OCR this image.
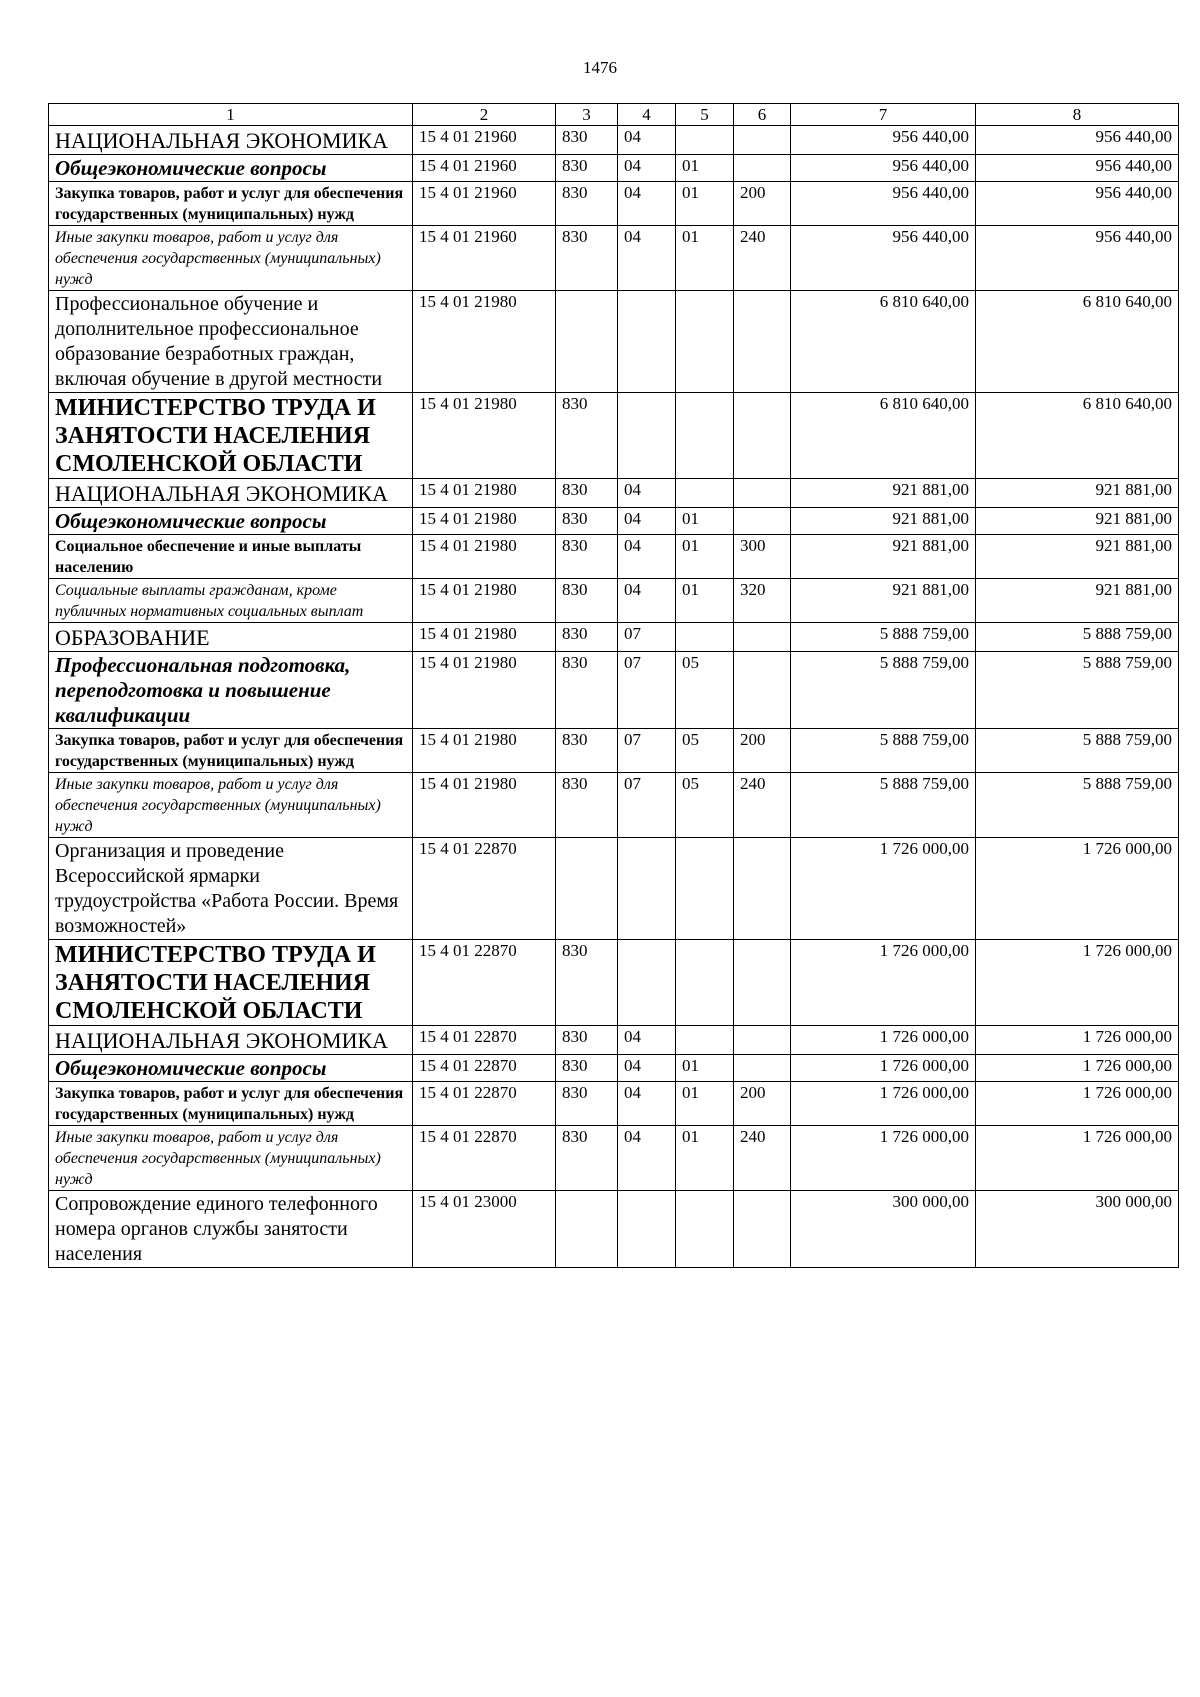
1476
1	2	3	4	5	6	7	8

НАЦИОНАЛЬНАЯ ЭКОНОМИКА	15 4 01 21960	830	04			956 440,00	956 440,00

Общеэкономические вопросы	15 4 01 21960	830	04	01		956 440,00	956 440,00

Закупка товаров, работ и услуг для обеспечения государственных (муниципальных) нужд	15 4 01 21960	830	04	01	200	956 440,00	956 440,00

Иные закупки товаров, работ и услуг для обеспечения государственных (муниципальных) нужд	15 4 01 21960	830	04	01	240	956 440,00	956 440,00

Профессиональное обучение и дополнительное профессиональное образование безработных граждан, включая обучение в другой местности	15 4 01 21980					6 810 640,00	6 810 640,00

МИНИСТЕРСТВО ТРУДА И ЗАНЯТОСТИ НАСЕЛЕНИЯ СМОЛЕНСКОЙ ОБЛАСТИ	15 4 01 21980	830				6 810 640,00	6 810 640,00

НАЦИОНАЛЬНАЯ ЭКОНОМИКА	15 4 01 21980	830	04			921 881,00	921 881,00

Общеэкономические вопросы	15 4 01 21980	830	04	01		921 881,00	921 881,00

Социальное обеспечение и иные выплаты населению	15 4 01 21980	830	04	01	300	921 881,00	921 881,00

Социальные выплаты гражданам, кроме публичных нормативных социальных выплат	15 4 01 21980	830	04	01	320	921 881,00	921 881,00

ОБРАЗОВАНИЕ	15 4 01 21980	830	07			5 888 759,00	5 888 759,00

Профессиональная подготовка, переподготовка и повышение квалификации	15 4 01 21980	830	07	05		5 888 759,00	5 888 759,00

Закупка товаров, работ и услуг для обеспечения государственных (муниципальных) нужд	15 4 01 21980	830	07	05	200	5 888 759,00	5 888 759,00

Иные закупки товаров, работ и услуг для обеспечения государственных (муниципальных) нужд	15 4 01 21980	830	07	05	240	5 888 759,00	5 888 759,00

Организация и проведение Всероссийской ярмарки трудоустройства «Работа России. Время возможностей»	15 4 01 22870					1 726 000,00	1 726 000,00

МИНИСТЕРСТВО ТРУДА И ЗАНЯТОСТИ НАСЕЛЕНИЯ СМОЛЕНСКОЙ ОБЛАСТИ	15 4 01 22870	830				1 726 000,00	1 726 000,00

НАЦИОНАЛЬНАЯ ЭКОНОМИКА	15 4 01 22870	830	04			1 726 000,00	1 726 000,00

Общеэкономические вопросы	15 4 01 22870	830	04	01		1 726 000,00	1 726 000,00

Закупка товаров, работ и услуг для обеспечения государственных (муниципальных) нужд	15 4 01 22870	830	04	01	200	1 726 000,00	1 726 000,00

Иные закупки товаров, работ и услуг для обеспечения государственных (муниципальных) нужд	15 4 01 22870	830	04	01	240	1 726 000,00	1 726 000,00

Сопровождение единого телефонного номера органов службы занятости населения	15 4 01 23000					300 000,00	300 000,00
